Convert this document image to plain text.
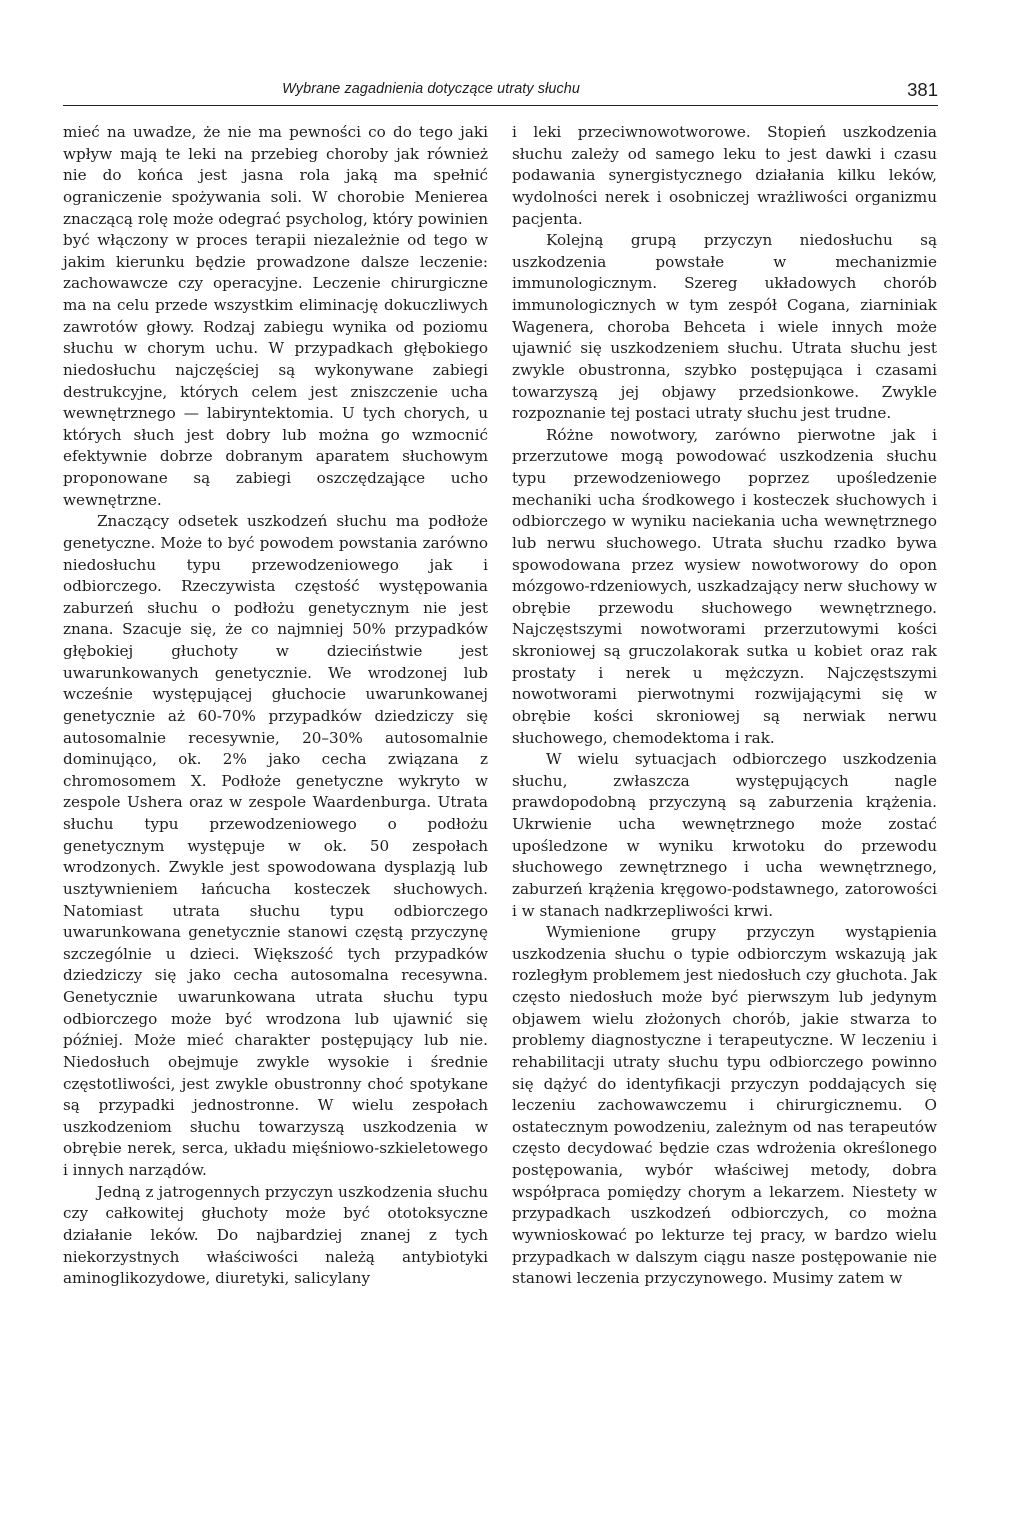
Wybrane zagadnienia dotyczące utraty słuchu	381

mieć na uwadze, że nie ma pewności co do tego jaki wpływ mają te leki na przebieg choroby jak również nie do końca jest jasna rola jaką ma spełnić ograniczenie spożywania soli. W chorobie Menierea znaczącą rolę może odegrać psycholog, który powinien być włączony w proces terapii niezależnie od tego w jakim kierunku będzie prowadzone dalsze leczenie: zachowawcze czy operacyjne. Leczenie chirurgiczne ma na celu przede wszystkim eliminację dokuczliwych zawrotów głowy. Rodzaj zabiegu wynika od poziomu słuchu w chorym uchu. W przypadkach głębokiego niedosłuchu najczęściej są wykonywane zabiegi destrukcyjne, których celem jest zniszczenie ucha wewnętrznego — labiryntektomia. U tych chorych, u których słuch jest dobry lub można go wzmocnić efektywnie dobrze dobranym aparatem słuchowym proponowane są zabiegi oszczędzające ucho wewnętrzne.

Znaczący odsetek uszkodzeń słuchu ma podłoże genetyczne. Może to być powodem powstania zarówno niedosłuchu typu przewodzeniowego jak i odbiorczego. Rzeczywista częstość występowania zaburzeń słuchu o podłożu genetycznym nie jest znana. Szacuje się, że co najmniej 50% przypadków głębokiej głuchoty w dzieciństwie jest uwarunkowanych genetycznie. We wrodzonej lub wcześnie występującej głuchocie uwarunkowanej genetycznie aż 60-70% przypadków dziedziczy się autosomalnie recesywnie, 20–30% autosomalnie dominująco, ok. 2% jako cecha związana z chromosomem X. Podłoże genetyczne wykryto w zespole Ushera oraz w zespole Waardenburga. Utrata słuchu typu przewodzeniowego o podłożu genetycznym występuje w ok. 50 zespołach wrodzonych. Zwykle jest spowodowana dysplazją lub usztywnieniem łańcucha kosteczek słuchowych. Natomiast utrata słuchu typu odbiorczego uwarunkowana genetycznie stanowi częstą przyczynę szczególnie u dzieci. Większość tych przypadków dziedziczy się jako cecha autosomalna recesywna. Genetycznie uwarunkowana utrata słuchu typu odbiorczego może być wrodzona lub ujawnić się później. Może mieć charakter postępujący lub nie. Niedosłuch obejmuje zwykle wysokie i średnie częstotliwości, jest zwykle obustronny choć spotykane są przypadki jednostronne. W wielu zespołach uszkodzeniom słuchu towarzyszą uszkodzenia w obrębie nerek, serca, układu mięśniowo-szkieletowego i innych narządów.

Jedną z jatrogennych przyczyn uszkodzenia słuchu czy całkowitej głuchoty może być ototoksyczne działanie leków. Do najbardziej znanej z tych niekorzystnych właściwości należą antybiotyki aminoglikozydowe, diuretyki, salicylany

i leki przeciwnowotworowe. Stopień uszkodzenia słuchu zależy od samego leku to jest dawki i czasu podawania synergistycznego działania kilku leków, wydolności nerek i osobniczej wrażliwości organizmu pacjenta.

Kolejną grupą przyczyn niedosłuchu są uszkodzenia powstałe w mechanizmie immunologicznym. Szereg układowych chorób immunologicznych w tym zespół Cogana, ziarniniak Wagenera, choroba Behceta i wiele innych może ujawnić się uszkodzeniem słuchu. Utrata słuchu jest zwykle obustronna, szybko postępująca i czasami towarzyszą jej objawy przedsionkowe. Zwykle rozpoznanie tej postaci utraty słuchu jest trudne.

Różne nowotwory, zarówno pierwotne jak i przerzutowe mogą powodować uszkodzenia słuchu typu przewodzeniowego poprzez upośledzenie mechaniki ucha środkowego i kosteczek słuchowych i odbiorczego w wyniku naciekania ucha wewnętrznego lub nerwu słuchowego. Utrata słuchu rzadko bywa spowodowana przez wysiew nowotworowy do opon mózgowo-rdzeniowych, uszkadzający nerw słuchowy w obrębie przewodu słuchowego wewnętrznego. Najczęstszymi nowotworami przerzutowymi kości skroniowej są gruczolakorak sutka u kobiet oraz rak prostaty i nerek u mężczyzn. Najczęstszymi nowotworami pierwotnymi rozwijającymi się w obrębie kości skroniowej są nerwiak nerwu słuchowego, chemodektoma i rak.

W wielu sytuacjach odbiorczego uszkodzenia słuchu, zwłaszcza występujących nagle prawdopodobną przyczyną są zaburzenia krążenia. Ukrwienie ucha wewnętrznego może zostać upośledzone w wyniku krwotoku do przewodu słuchowego zewnętrznego i ucha wewnętrznego, zaburzeń krążenia kręgowo-podstawnego, zatorowości i w stanach nadkrzepliwości krwi.

Wymienione grupy przyczyn wystąpienia uszkodzenia słuchu o typie odbiorczym wskazują jak rozległym problemem jest niedosłuch czy głuchota. Jak często niedosłuch może być pierwszym lub jedynym objawem wielu złożonych chorób, jakie stwarza to problemy diagnostyczne i terapeutyczne. W leczeniu i rehabilitacji utraty słuchu typu odbiorczego powinno się dążyć do identyfikacji przyczyn poddających się leczeniu zachowawczemu i chirurgicznemu. O ostatecznym powodzeniu, zależnym od nas terapeutów często decydować będzie czas wdrożenia określonego postępowania, wybór właściwej metody, dobra współpraca pomiędzy chorym a lekarzem. Niestety w przypadkach uszkodzeń odbiorczych, co można wywnioskować po lekturze tej pracy, w bardzo wielu przypadkach w dalszym ciągu nasze postępowanie nie stanowi leczenia przyczynowego. Musimy zatem w
